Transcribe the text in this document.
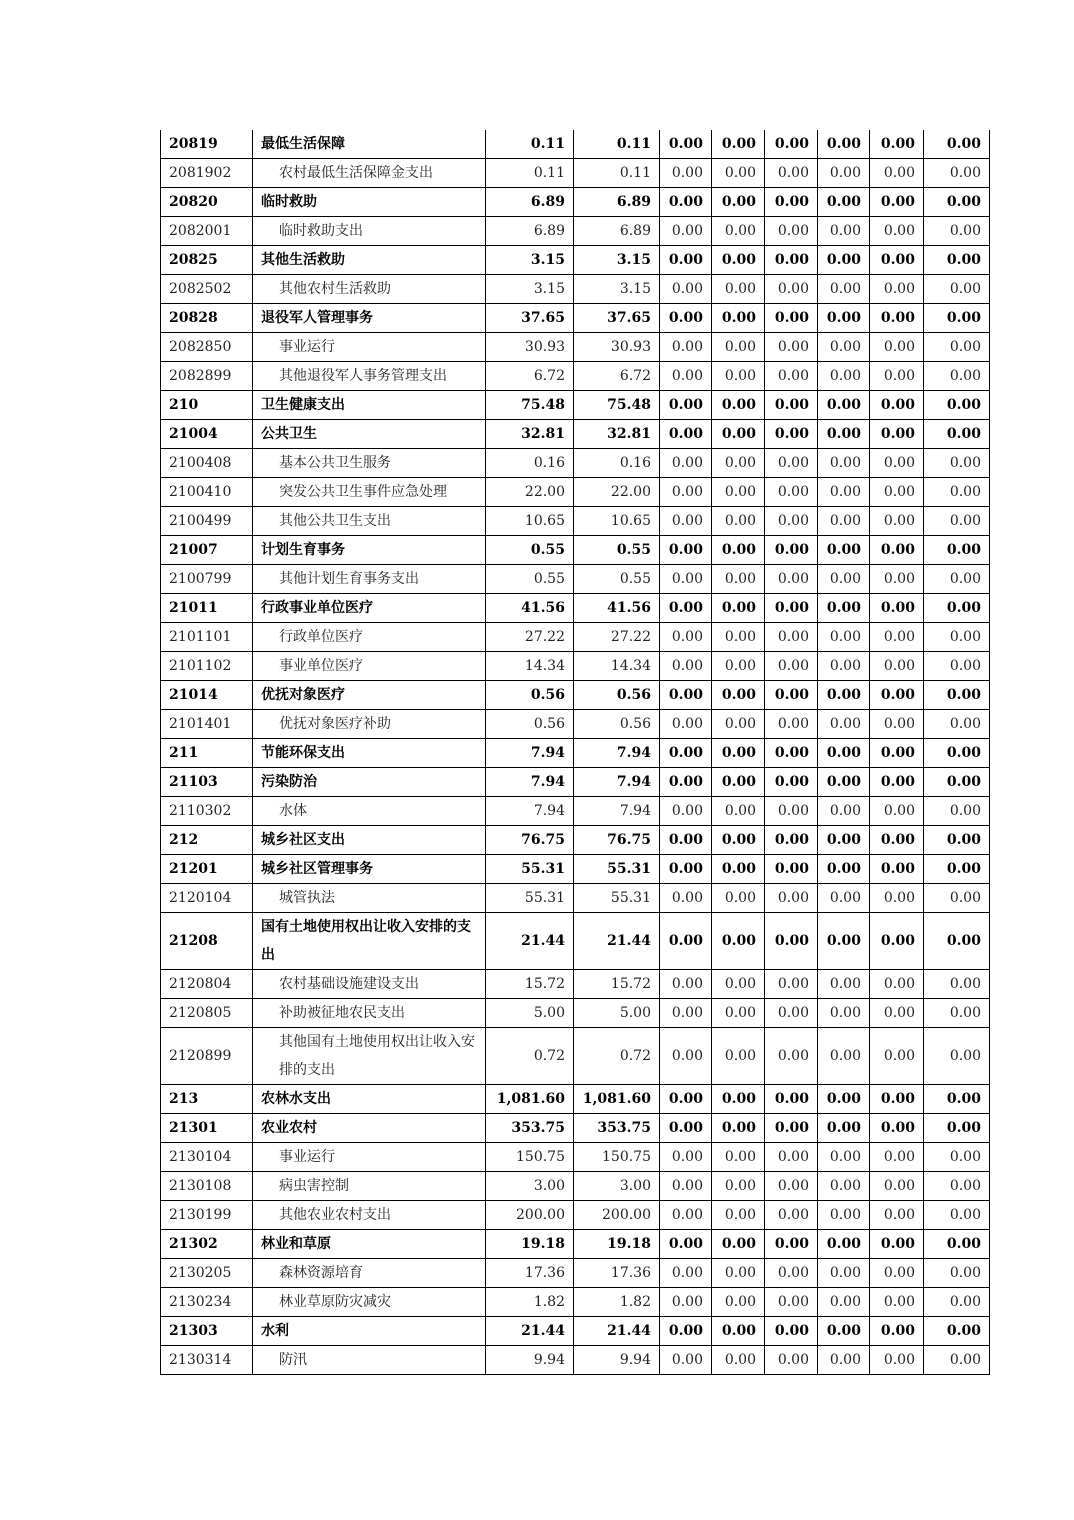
20819	最低生活保障	0.11	0.11	0.00	0.00	0.00	0.00	0.00	0.00
2081902	农村最低生活保障金支出	0.11	0.11	0.00	0.00	0.00	0.00	0.00	0.00
20820	临时救助	6.89	6.89	0.00	0.00	0.00	0.00	0.00	0.00
2082001	临时救助支出	6.89	6.89	0.00	0.00	0.00	0.00	0.00	0.00
20825	其他生活救助	3.15	3.15	0.00	0.00	0.00	0.00	0.00	0.00
2082502	其他农村生活救助	3.15	3.15	0.00	0.00	0.00	0.00	0.00	0.00
20828	退役军人管理事务	37.65	37.65	0.00	0.00	0.00	0.00	0.00	0.00
2082850	事业运行	30.93	30.93	0.00	0.00	0.00	0.00	0.00	0.00
2082899	其他退役军人事务管理支出	6.72	6.72	0.00	0.00	0.00	0.00	0.00	0.00
210	卫生健康支出	75.48	75.48	0.00	0.00	0.00	0.00	0.00	0.00
21004	公共卫生	32.81	32.81	0.00	0.00	0.00	0.00	0.00	0.00
2100408	基本公共卫生服务	0.16	0.16	0.00	0.00	0.00	0.00	0.00	0.00
2100410	突发公共卫生事件应急处理	22.00	22.00	0.00	0.00	0.00	0.00	0.00	0.00
2100499	其他公共卫生支出	10.65	10.65	0.00	0.00	0.00	0.00	0.00	0.00
21007	计划生育事务	0.55	0.55	0.00	0.00	0.00	0.00	0.00	0.00
2100799	其他计划生育事务支出	0.55	0.55	0.00	0.00	0.00	0.00	0.00	0.00
21011	行政事业单位医疗	41.56	41.56	0.00	0.00	0.00	0.00	0.00	0.00
2101101	行政单位医疗	27.22	27.22	0.00	0.00	0.00	0.00	0.00	0.00
2101102	事业单位医疗	14.34	14.34	0.00	0.00	0.00	0.00	0.00	0.00
21014	优抚对象医疗	0.56	0.56	0.00	0.00	0.00	0.00	0.00	0.00
2101401	优抚对象医疗补助	0.56	0.56	0.00	0.00	0.00	0.00	0.00	0.00
211	节能环保支出	7.94	7.94	0.00	0.00	0.00	0.00	0.00	0.00
21103	污染防治	7.94	7.94	0.00	0.00	0.00	0.00	0.00	0.00
2110302	水体	7.94	7.94	0.00	0.00	0.00	0.00	0.00	0.00
212	城乡社区支出	76.75	76.75	0.00	0.00	0.00	0.00	0.00	0.00
21201	城乡社区管理事务	55.31	55.31	0.00	0.00	0.00	0.00	0.00	0.00
2120104	城管执法	55.31	55.31	0.00	0.00	0.00	0.00	0.00	0.00
21208	国有土地使用权出让收入安排的支出	21.44	21.44	0.00	0.00	0.00	0.00	0.00	0.00
2120804	农村基础设施建设支出	15.72	15.72	0.00	0.00	0.00	0.00	0.00	0.00
2120805	补助被征地农民支出	5.00	5.00	0.00	0.00	0.00	0.00	0.00	0.00
2120899	其他国有土地使用权出让收入安排的支出	0.72	0.72	0.00	0.00	0.00	0.00	0.00	0.00
213	农林水支出	1,081.60	1,081.60	0.00	0.00	0.00	0.00	0.00	0.00
21301	农业农村	353.75	353.75	0.00	0.00	0.00	0.00	0.00	0.00
2130104	事业运行	150.75	150.75	0.00	0.00	0.00	0.00	0.00	0.00
2130108	病虫害控制	3.00	3.00	0.00	0.00	0.00	0.00	0.00	0.00
2130199	其他农业农村支出	200.00	200.00	0.00	0.00	0.00	0.00	0.00	0.00
21302	林业和草原	19.18	19.18	0.00	0.00	0.00	0.00	0.00	0.00
2130205	森林资源培育	17.36	17.36	0.00	0.00	0.00	0.00	0.00	0.00
2130234	林业草原防灾减灾	1.82	1.82	0.00	0.00	0.00	0.00	0.00	0.00
21303	水利	21.44	21.44	0.00	0.00	0.00	0.00	0.00	0.00
2130314	防汛	9.94	9.94	0.00	0.00	0.00	0.00	0.00	0.00
